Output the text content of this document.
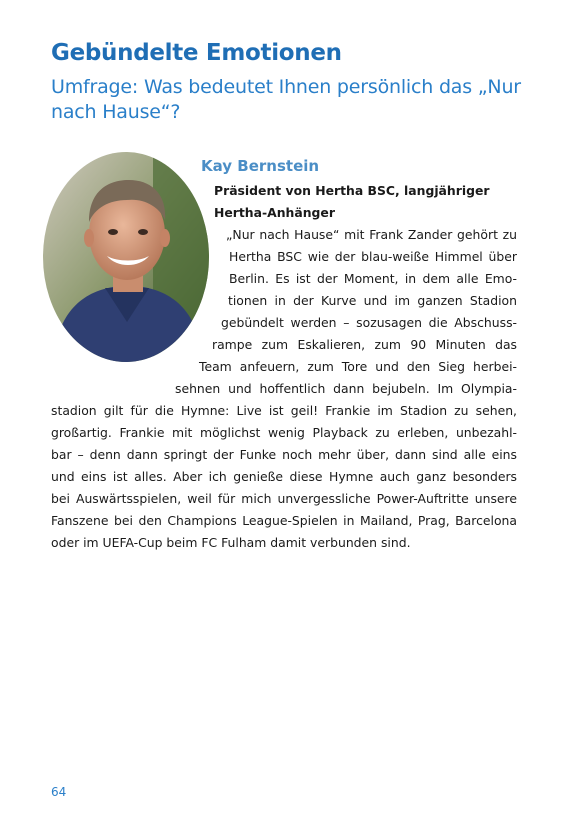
Gebündelte Emotionen
Umfrage: Was bedeutet Ihnen persönlich das „Nur nach Hause“?

Kay Bernstein

Präsident von Hertha BSC, langjähriger Hertha-Anhänger

„Nur nach Hause“ mit Frank Zander gehört zu

Hertha BSC wie der blau-weiße Himmel über

Berlin. Es ist der Moment, in dem alle Emo-

tionen in der Kurve und im ganzen Stadion

gebündelt werden – sozusagen die Abschuss-

rampe zum Eskalieren, zum 90 Minuten das

Team anfeuern, zum Tore und den Sieg herbei-

sehnen und hoffentlich dann bejubeln. Im Olympia-

stadion gilt für die Hymne: Live ist geil! Frankie im Stadion zu sehen,

großartig. Frankie mit möglichst wenig Playback zu erleben, unbezahl-

bar – denn dann springt der Funke noch mehr über, dann sind alle eins

und eins ist alles. Aber ich genieße diese Hymne auch ganz besonders

bei Auswärtsspielen, weil für mich unvergessliche Power-Auftritte unsere

Fanszene bei den Champions League-Spielen in Mailand, Prag, Barcelona

oder im UEFA-Cup beim FC Fulham damit verbunden sind.

64
